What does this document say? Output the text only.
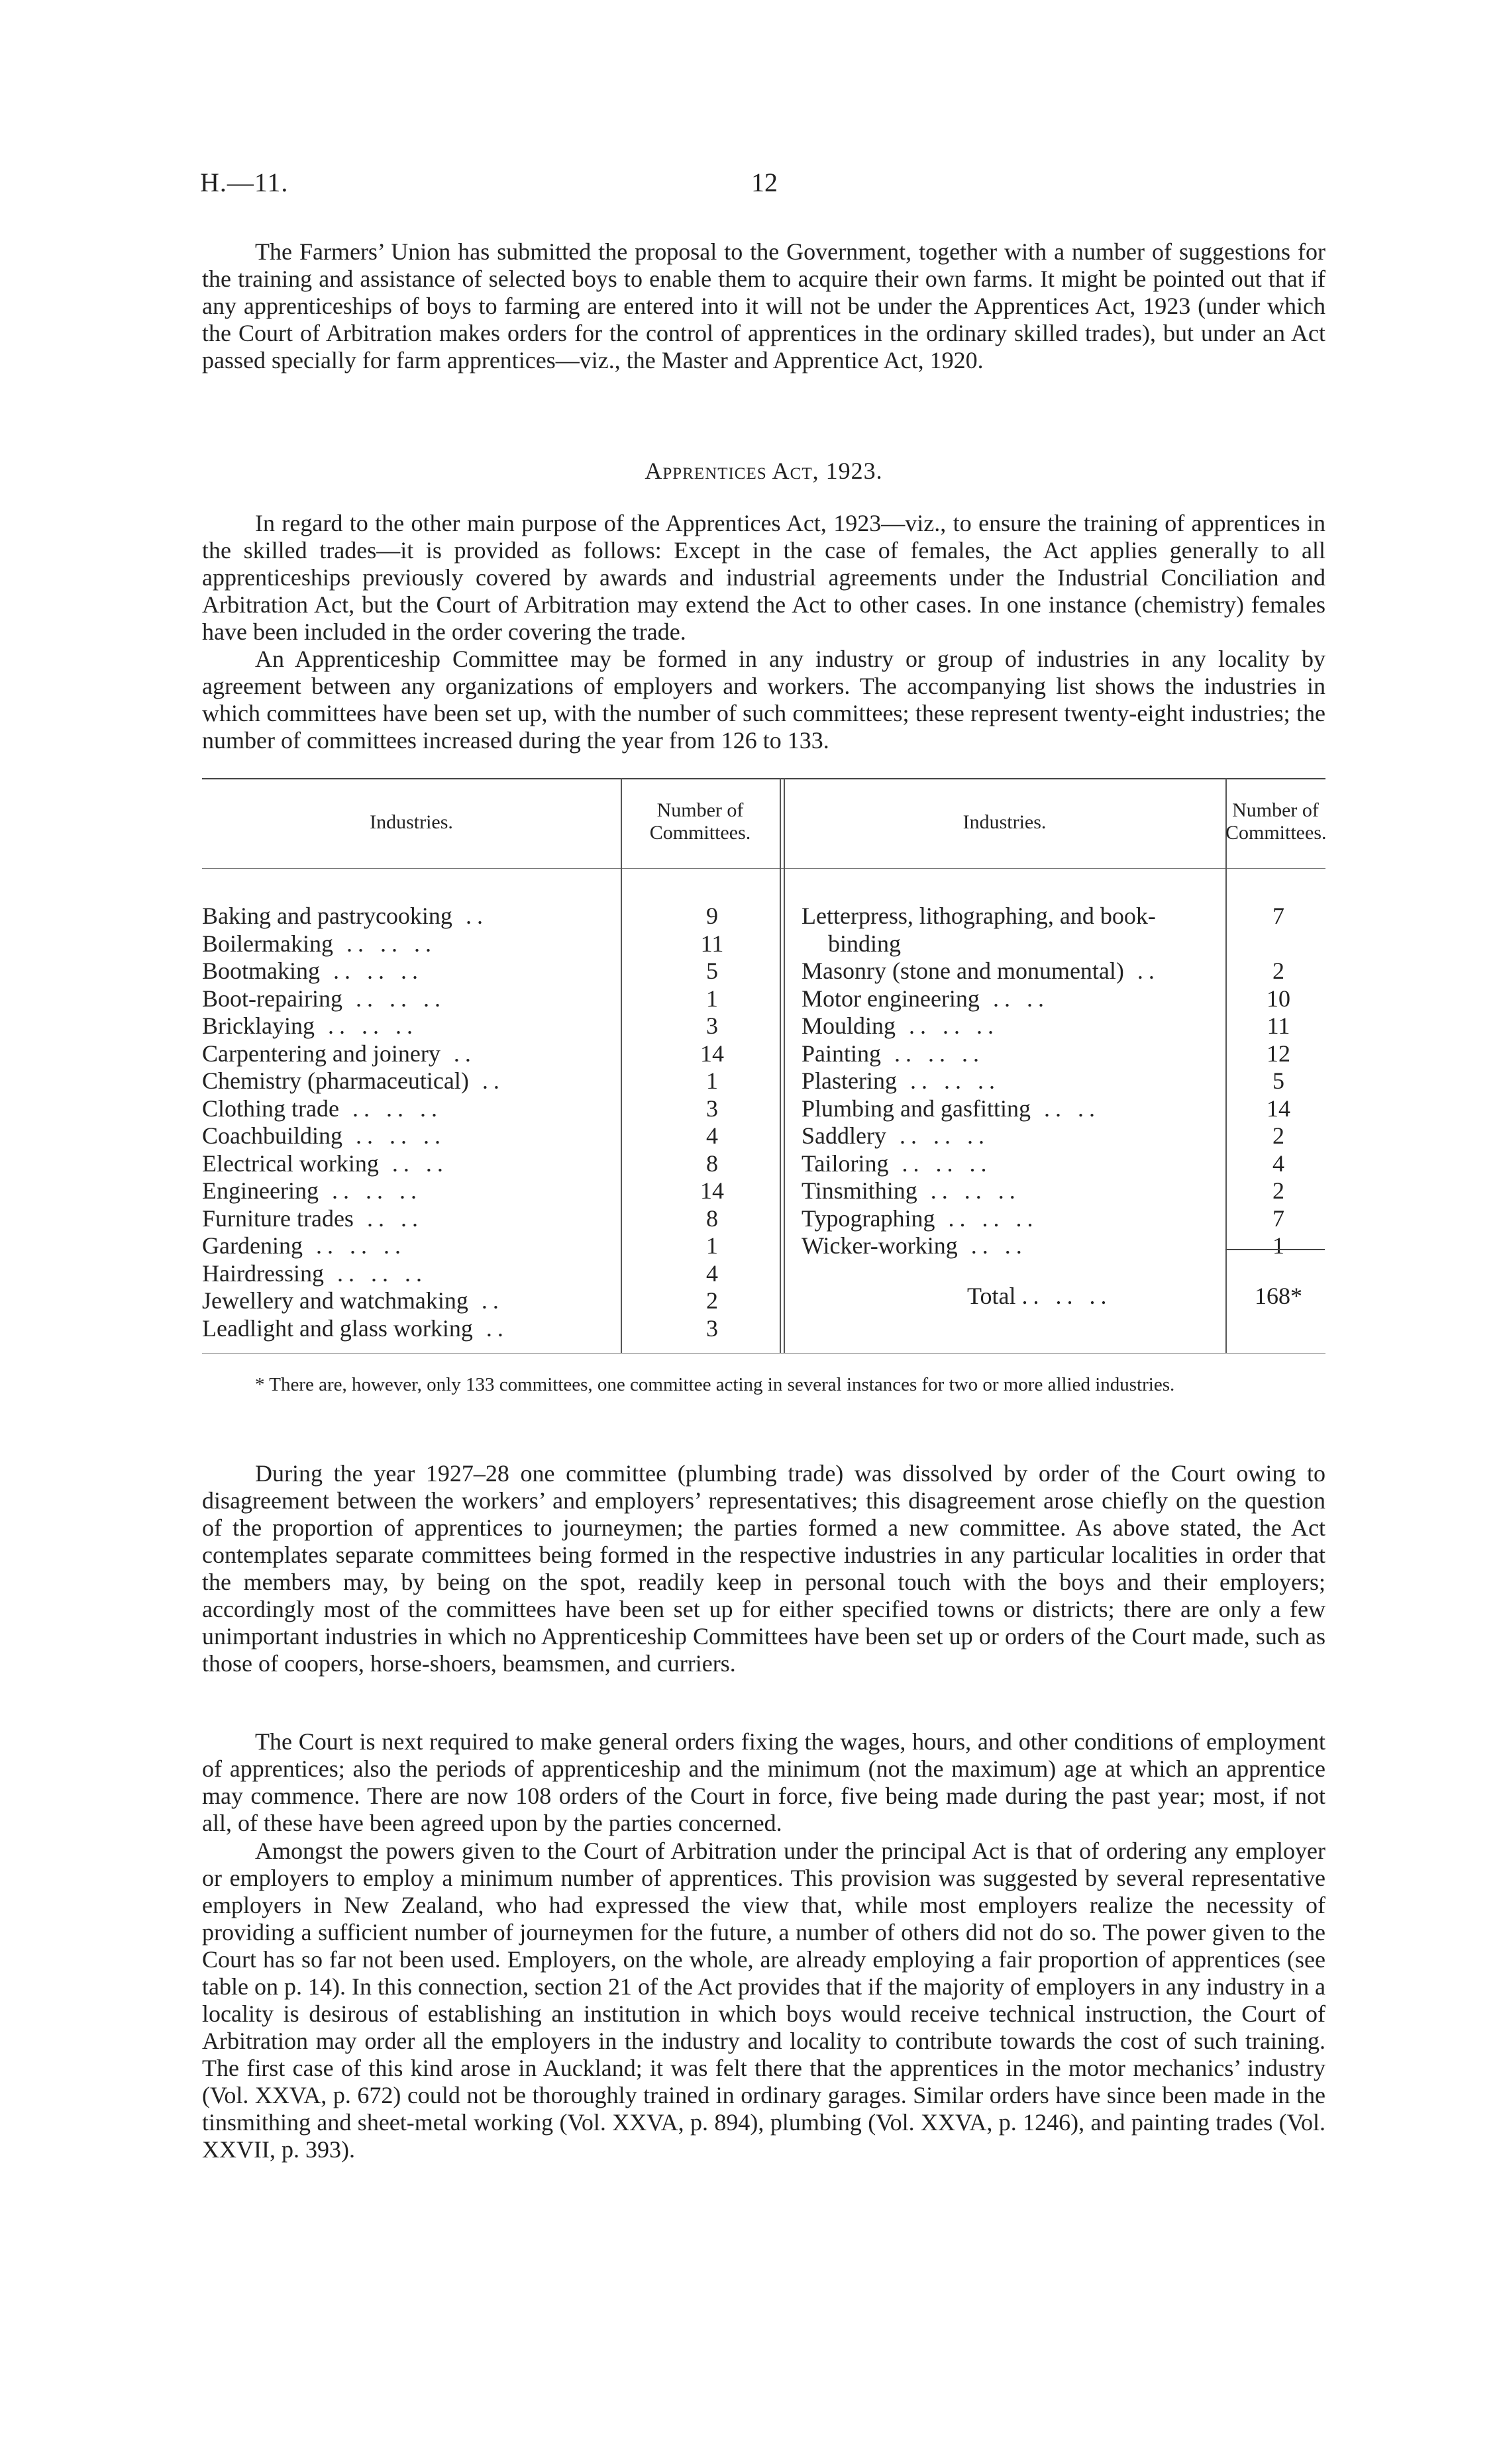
H.—11.	12

The Farmers’ Union has submitted the proposal to the Government, together with a number of suggestions for the training and assistance of selected boys to enable them to acquire their own farms. It might be pointed out that if any apprenticeships of boys to farming are entered into it will not be under the Apprentices Act, 1923 (under which the Court of Arbitration makes orders for the control of apprentices in the ordinary skilled trades), but under an Act passed specially for farm apprentices—viz., the Master and Apprentice Act, 1920.

Apprentices Act, 1923.

In regard to the other main purpose of the Apprentices Act, 1923—viz., to ensure the training of apprentices in the skilled trades—it is provided as follows: Except in the case of females, the Act applies generally to all apprenticeships previously covered by awards and industrial agreements under the Industrial Conciliation and Arbitration Act, but the Court of Arbitration may extend the Act to other cases. In one instance (chemistry) females have been included in the order covering the trade.

An Apprenticeship Committee may be formed in any industry or group of industries in any locality by agreement between any organizations of employers and workers. The accompanying list shows the industries in which committees have been set up, with the number of such committees; these represent twenty-eight industries; the number of committees increased during the year from 126 to 133.

Industries.
Number of
Committees.	Industries.
Number of
Committees.
Baking and pastrycooking ..	9
Boilermaking .. .. ..	11
Bootmaking .. .. ..	5
Boot-repairing .. .. ..	1
Bricklaying .. .. ..	3
Carpentering and joinery ..	14
Chemistry (pharmaceutical) ..	1
Clothing trade .. .. ..	3
Coachbuilding .. .. ..	4
Electrical working .. ..	8
Engineering .. .. ..	14
Furniture trades .. ..	8
Gardening .. .. ..	1
Hairdressing .. .. ..	4
Jewellery and watchmaking ..	2
Leadlight and glass working ..	3
Letterpress, lithographing, and book-	7
binding
Masonry (stone and monumental) ..	2
Motor engineering .. ..	10
Moulding .. .. ..	11
Painting .. .. ..	12
Plastering .. .. ..	5
Plumbing and gasfitting .. ..	14
Saddlery .. .. ..	2
Tailoring .. .. ..	4
Tinsmithing .. .. ..	2
Typographing .. .. ..	7
Wicker-working .. ..	1
Total .. .. ..	168*
* There are, however, only 133 committees, one committee acting in several instances for two or more allied industries.

During the year 1927–28 one committee (plumbing trade) was dissolved by order of the Court owing to disagreement between the workers’ and employers’ representatives; this disagreement arose chiefly on the question of the proportion of apprentices to journeymen; the parties formed a new committee. As above stated, the Act contemplates separate committees being formed in the respective industries in any particular localities in order that the members may, by being on the spot, readily keep in personal touch with the boys and their employers; accordingly most of the committees have been set up for either specified towns or districts; there are only a few unimportant industries in which no Apprenticeship Committees have been set up or orders of the Court made, such as those of coopers, horse-shoers, beamsmen, and curriers.

The Court is next required to make general orders fixing the wages, hours, and other conditions of employment of apprentices; also the periods of apprenticeship and the minimum (not the maximum) age at which an apprentice may commence. There are now 108 orders of the Court in force, five being made during the past year; most, if not all, of these have been agreed upon by the parties concerned.

Amongst the powers given to the Court of Arbitration under the principal Act is that of ordering any employer or employers to employ a minimum number of apprentices. This provision was suggested by several representative employers in New Zealand, who had expressed the view that, while most employers realize the necessity of providing a sufficient number of journeymen for the future, a number of others did not do so. The power given to the Court has so far not been used. Employers, on the whole, are already employing a fair proportion of apprentices (see table on p. 14). In this connection, section 21 of the Act provides that if the majority of employers in any industry in a locality is desirous of establishing an institution in which boys would receive technical instruction, the Court of Arbitration may order all the employers in the industry and locality to contribute towards the cost of such training. The first case of this kind arose in Auckland; it was felt there that the apprentices in the motor mechanics’ industry (Vol. XXVA, p. 672) could not be thoroughly trained in ordinary garages. Similar orders have since been made in the tinsmithing and sheet-metal working (Vol. XXVA, p. 894), plumbing (Vol. XXVA, p. 1246), and painting trades (Vol. XXVII, p. 393).
